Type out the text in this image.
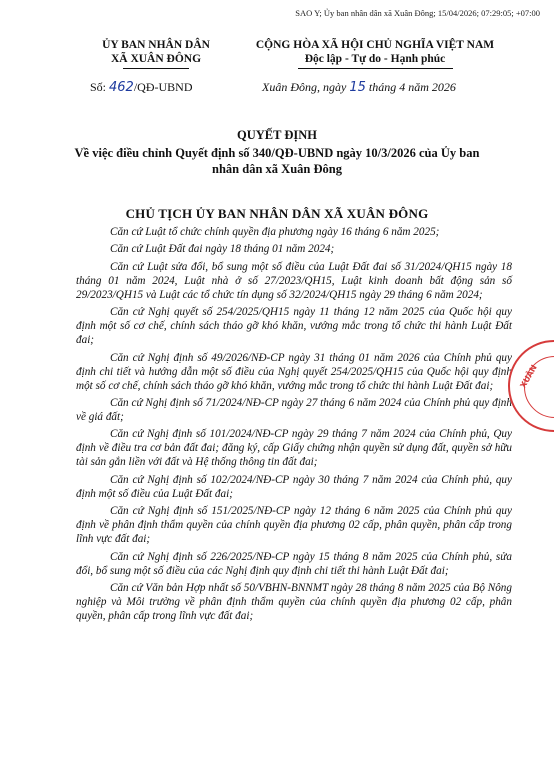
SAO Y; Ủy ban nhân dân xã Xuân Đông; 15/04/2026; 07:29:05; +07:00
ỦY BAN NHÂN DÂN
XÃ XUÂN ĐÔNG
CỘNG HÒA XÃ HỘI CHỦ NGHĨA VIỆT NAM
Độc lập - Tự do - Hạnh phúc
Số: 462/QĐ-UBND	Xuân Đông, ngày 15 tháng 4 năm 2026
QUYẾT ĐỊNH
Về việc điều chỉnh Quyết định số 340/QĐ-UBND ngày 10/3/2026 của Ủy ban nhân dân xã Xuân Đông
CHỦ TỊCH ỦY BAN NHÂN DÂN XÃ XUÂN ĐÔNG

Căn cứ Luật tổ chức chính quyền địa phương ngày 16 tháng 6 năm 2025;

Căn cứ Luật Đất đai ngày 18 tháng 01 năm 2024;

Căn cứ Luật sửa đổi, bổ sung một số điều của Luật Đất đai số 31/2024/QH15 ngày 18 tháng 01 năm 2024, Luật nhà ở số 27/2023/QH15, Luật kinh doanh bất động sản số 29/2023/QH15 và Luật các tổ chức tín dụng số 32/2024/QH15 ngày 29 tháng 6 năm 2024;

Căn cứ Nghị quyết số 254/2025/QH15 ngày 11 tháng 12 năm 2025 của Quốc hội quy định một số cơ chế, chính sách tháo gỡ khó khăn, vướng mắc trong tổ chức thi hành Luật Đất đai;

Căn cứ Nghị định số 49/2026/NĐ-CP ngày 31 tháng 01 năm 2026 của Chính phủ quy định chi tiết và hướng dẫn một số điều của Nghị quyết 254/2025/QH15 của Quốc hội quy định một số cơ chế, chính sách tháo gỡ khó khăn, vướng mắc trong tổ chức thi hành Luật Đất đai;

Căn cứ Nghị định số 71/2024/NĐ-CP ngày 27 tháng 6 năm 2024 của Chính phủ quy định về giá đất;

Căn cứ Nghị định số 101/2024/NĐ-CP ngày 29 tháng 7 năm 2024 của Chính phủ, Quy định về điều tra cơ bản đất đai; đăng ký, cấp Giấy chứng nhận quyền sử dụng đất, quyền sở hữu tài sản gắn liền với đất và Hệ thống thông tin đất đai;

Căn cứ Nghị định số 102/2024/NĐ-CP ngày 30 tháng 7 năm 2024 của Chính phủ, quy định một số điều của Luật Đất đai;

Căn cứ Nghị định số 151/2025/NĐ-CP ngày 12 tháng 6 năm 2025 của Chính phủ quy định về phân định thẩm quyền của chính quyền địa phương 02 cấp, phân quyền, phân cấp trong lĩnh vực đất đai;

Căn cứ Nghị định số 226/2025/NĐ-CP ngày 15 tháng 8 năm 2025 của Chính phủ, sửa đổi, bổ sung một số điều của các Nghị định quy định chi tiết thi hành Luật Đất đai;

Căn cứ Văn bản Hợp nhất số 50/VBHN-BNNMT ngày 28 tháng 8 năm 2025 của Bộ Nông nghiệp và Môi trường về phân định thẩm quyền của chính quyền địa phương 02 cấp, phân quyền, phân cấp trong lĩnh vực đất đai;

XUÂN
